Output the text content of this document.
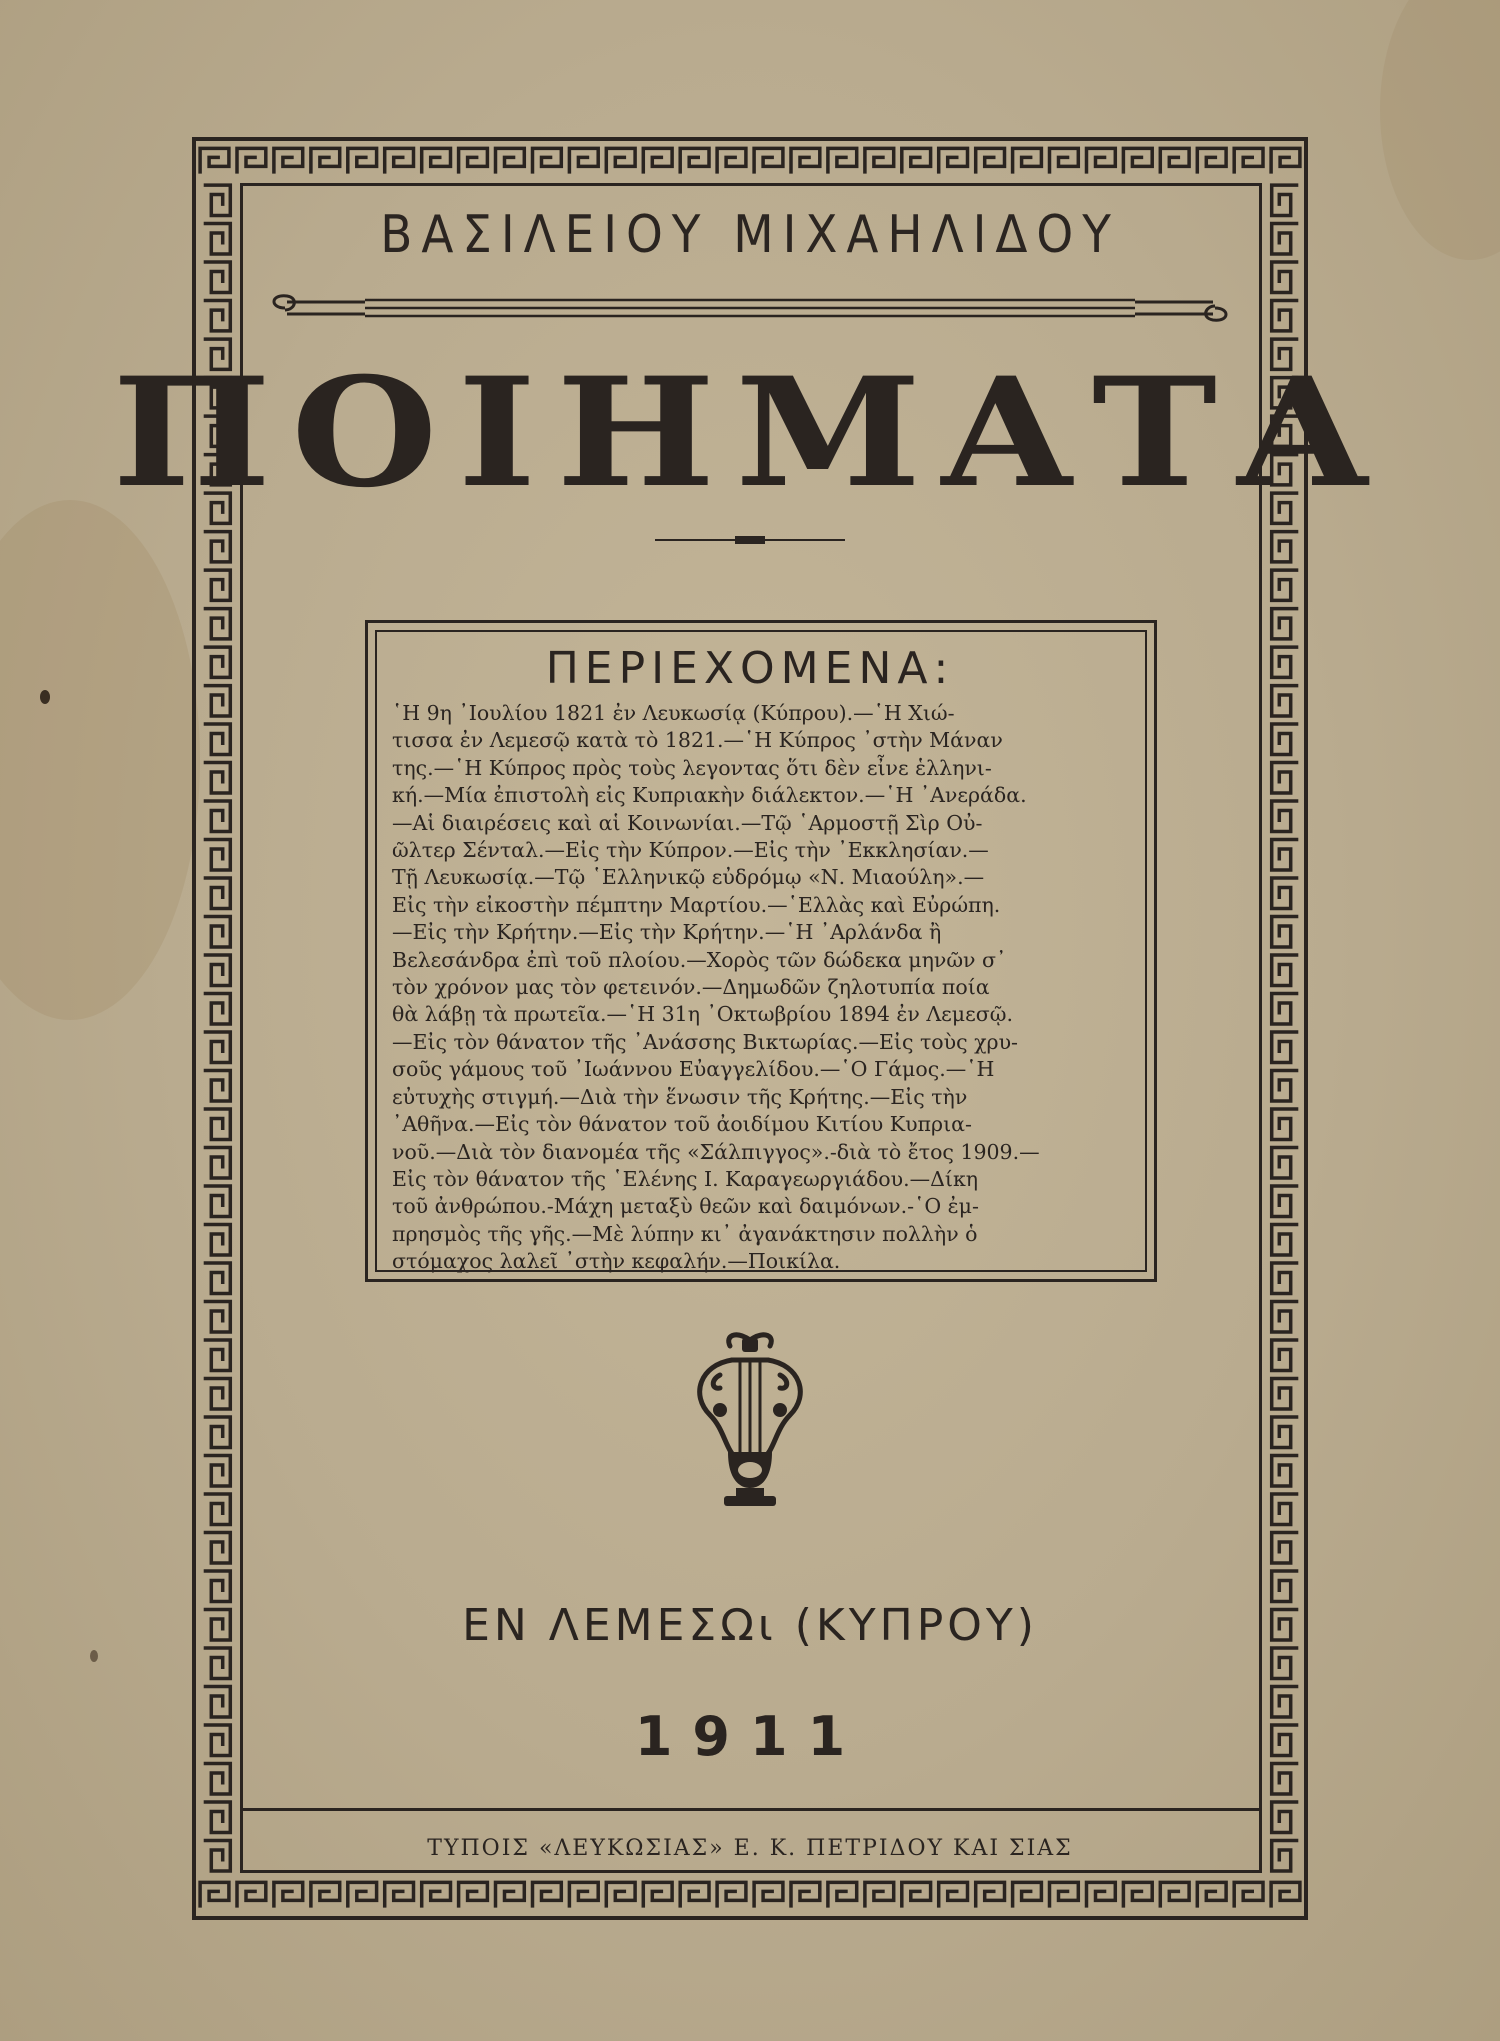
ΒΑΣΙΛΕΙΟΥ ΜΙΧΑΗΛΙΔΟΥ
ΠΟΙΗΜΑΤΑ
ΠΕΡΙΕΧΟΜΕΝΑ:
῾Η 9η ᾿Ιουλίου 1821 ἐν Λευκωσίᾳ (Κύπρου).—῾Η Χιώ-
τισσα ἐν Λεμεσῷ κατὰ τὸ 1821.—῾Η Κύπρος ᾿στὴν Μάναν
της.—῾Η Κύπρος πρὸς τοὺς λεγοντας ὅτι δὲν εἶνε ἑλληνι-
κή.—Μία ἐπιστολὴ εἰς Κυπριακὴν διάλεκτον.—῾Η ᾿Ανεράδα.
—Αἱ διαιρέσεις καὶ αἱ Κοινωνίαι.—Τῷ ῾Αρμοστῇ Σὶρ Οὐ-
ῶλτερ Σένταλ.—Εἰς τὴν Κύπρον.—Εἰς τὴν ᾿Εκκλησίαν.—
Τῇ Λευκωσίᾳ.—Τῷ ῾Ελληνικῷ εὐδρόμῳ «Ν. Μιαούλη».—
Εἰς τὴν εἰκοστὴν πέμπτην Μαρτίου.—῾Ελλὰς καὶ Εὐρώπη.
—Εἰς τὴν Κρήτην.—Εἰς τὴν Κρήτην.—῾Η ᾿Αρλάνδα ἢ
Βελεσάνδρα ἐπὶ τοῦ πλοίου.—Χορὸς τῶν δώδεκα μηνῶν σ᾿
τὸν χρόνον μας τὸν φετεινόν.—Δημωδῶν ζηλοτυπία ποία
θὰ λάβῃ τὰ πρωτεῖα.—῾Η 31η ᾿Οκτωβρίου 1894 ἐν Λεμεσῷ.
—Εἰς τὸν θάνατον τῆς ᾿Ανάσσης Βικτωρίας.—Εἰς τοὺς χρυ-
σοῦς γάμους τοῦ ᾿Ιωάννου Εὐαγγελίδου.—῾Ο Γάμος.—῾Η
εὐτυχὴς στιγμή.—Διὰ τὴν ἕνωσιν τῆς Κρήτης.—Εἰς τὴν
᾿Αθῆνα.—Εἰς τὸν θάνατον τοῦ ἀοιδίμου Κιτίου Κυπρια-
νοῦ.—Διὰ τὸν διανομέα τῆς «Σάλπιγγος».-διὰ τὸ ἔτος 1909.—
Εἰς τὸν θάνατον τῆς ῾Ελένης Ι. Καραγεωργιάδου.—Δίκη
τοῦ ἀνθρώπου.-Μάχη μεταξὺ θεῶν καὶ δαιμόνων.-῾Ο ἐμ-
πρησμὸς τῆς γῆς.—Μὲ λύπην κι᾿ ἀγανάκτησιν πολλὴν ὁ
στόμαχος λαλεῖ ᾿στὴν κεφαλήν.—Ποικίλα.
ΕΝ ΛΕΜΕΣΩι (ΚΥΠΡΟΥ)
1911
ΤΥΠΟΙΣ «ΛΕΥΚΩΣΙΑΣ» Ε. Κ. ΠΕΤΡΙΔΟΥ ΚΑΙ ΣΙΑΣ
